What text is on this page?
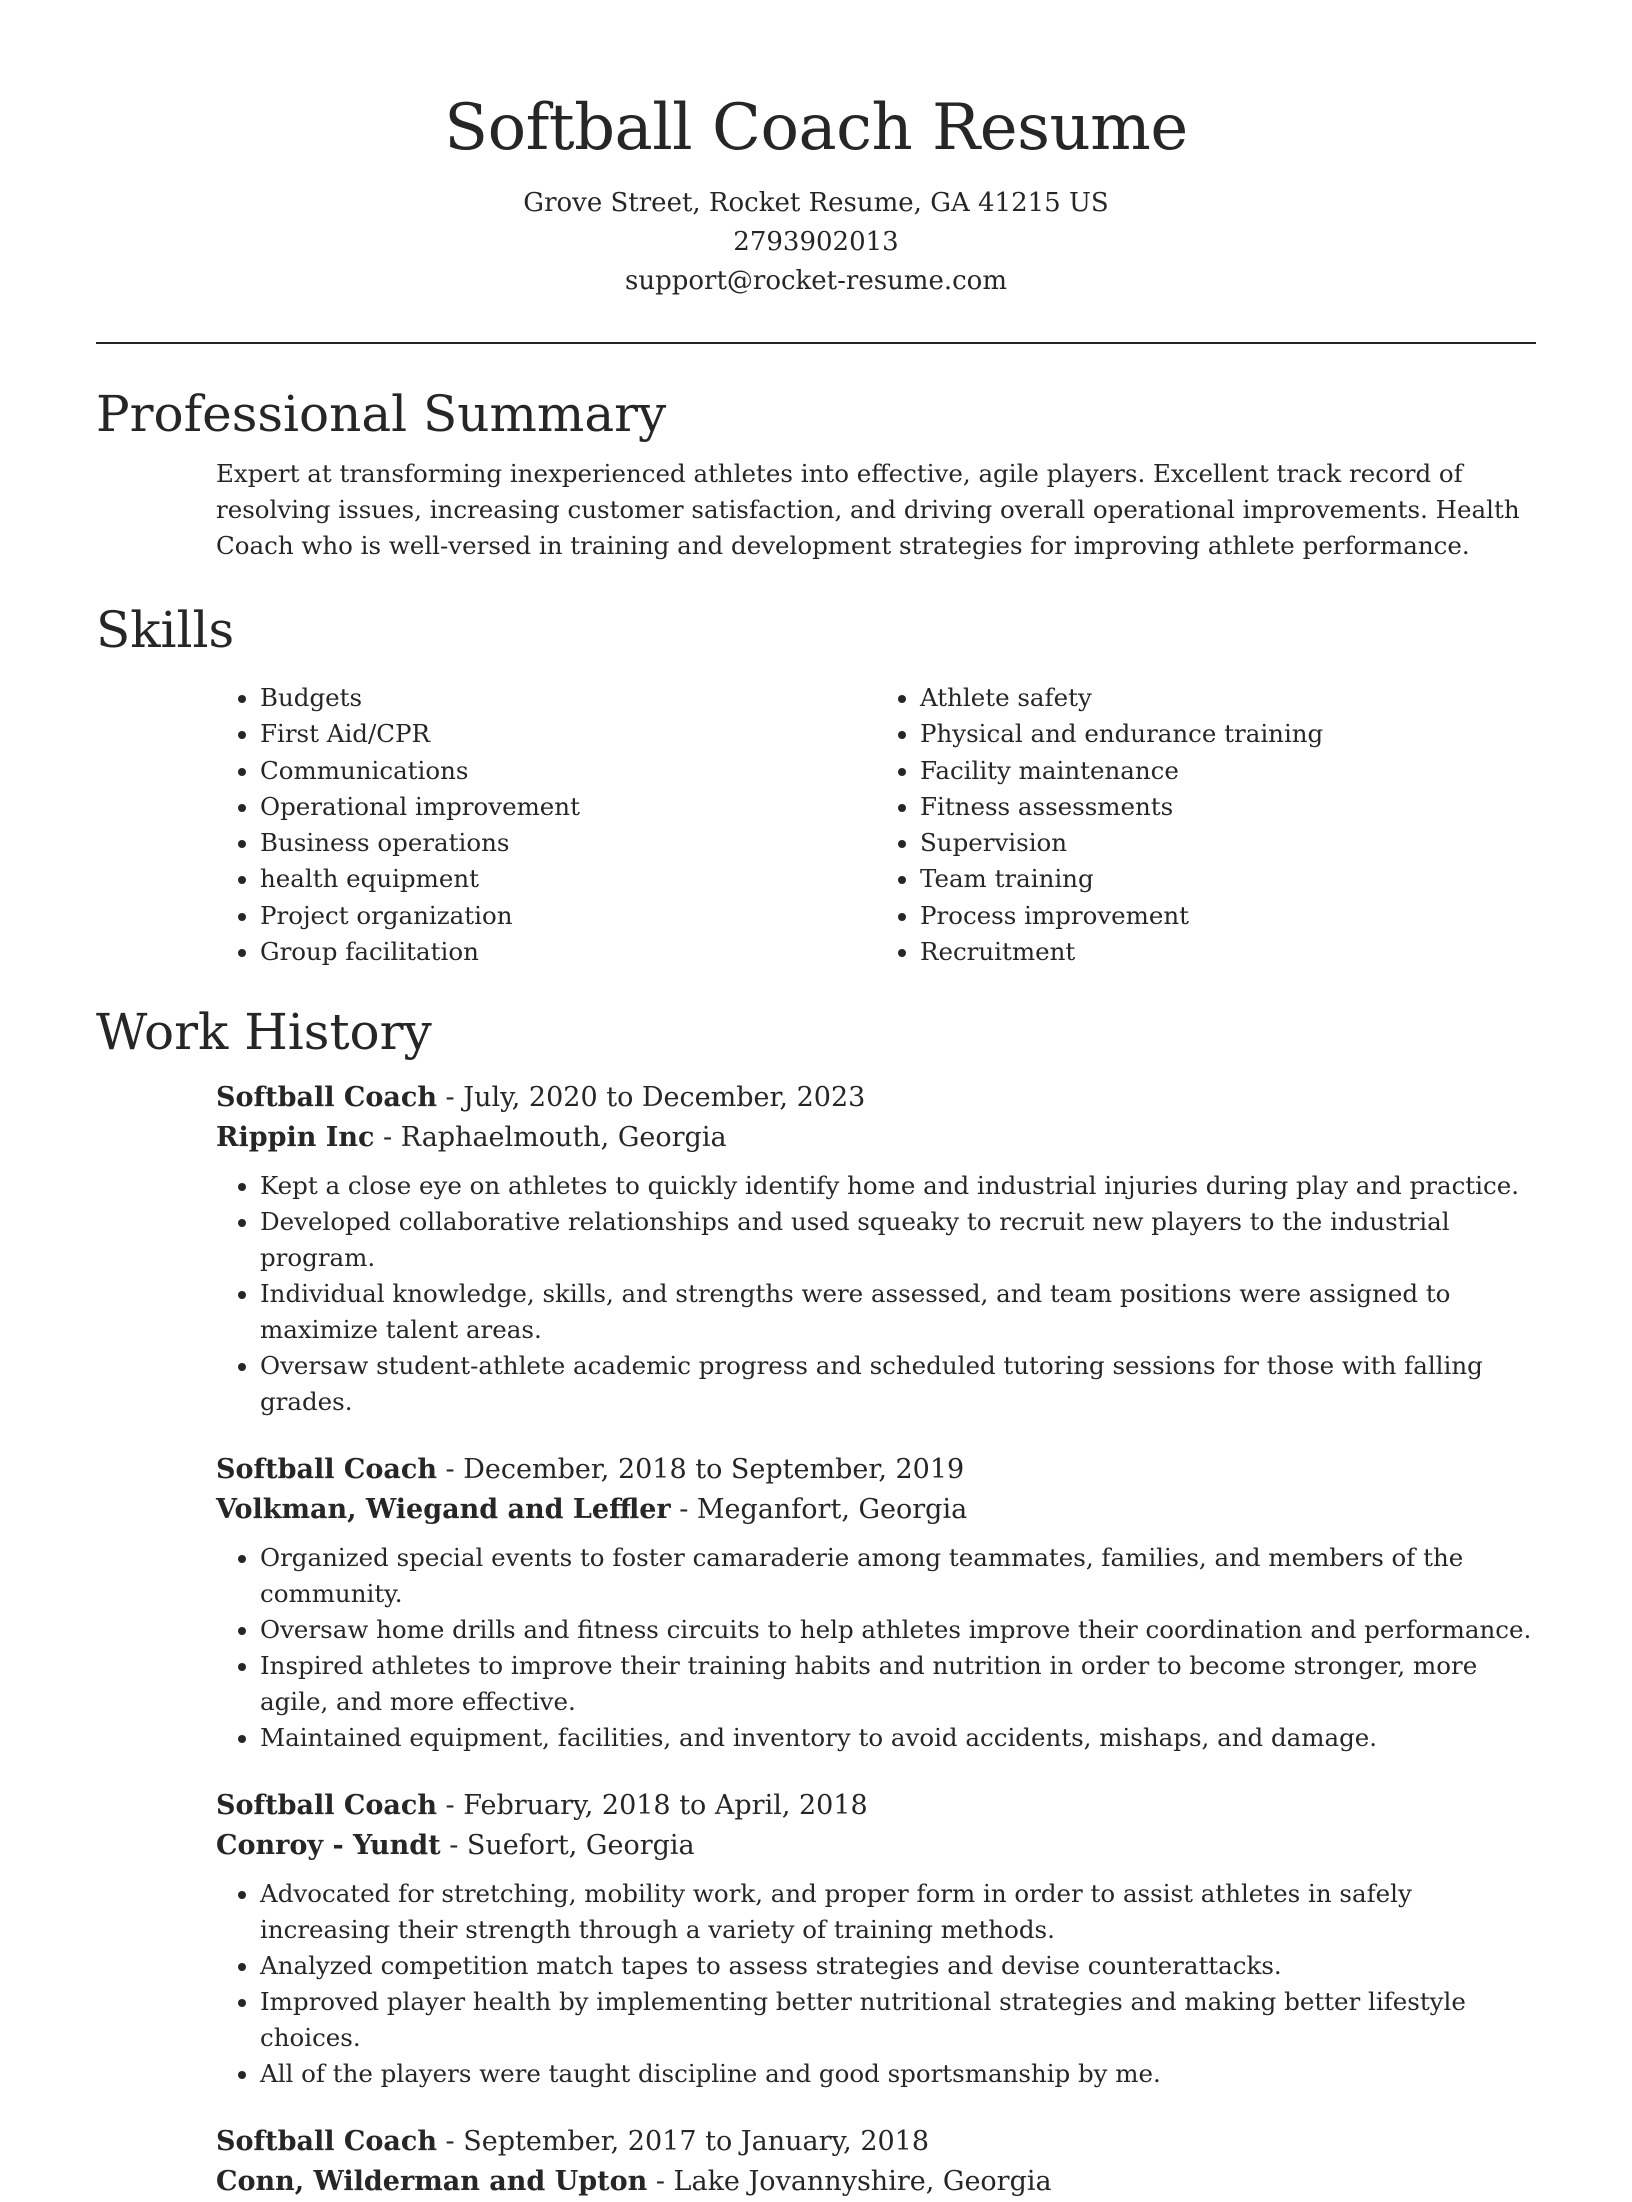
Softball Coach Resume

Grove Street, Rocket Resume, GA 41215 US

2793902013

support@rocket-resume.com

Professional Summary

Expert at transforming inexperienced athletes into effective, agile players. Excellent track record of resolving issues, increasing customer satisfaction, and driving overall operational improvements. Health Coach who is well-versed in training and development strategies for improving athlete performance.

Skills
• Budgets
• First Aid/CPR
• Communications
• Operational improvement
• Business operations
• health equipment
• Project organization
• Group facilitation
• Athlete safety
• Physical and endurance training
• Facility maintenance
• Fitness assessments
• Supervision
• Team training
• Process improvement
• Recruitment
Work History

Softball Coach - July, 2020 to December, 2023

Rippin Inc - Raphaelmouth, Georgia

• Kept a close eye on athletes to quickly identify home and industrial injuries during play and practice.
• Developed collaborative relationships and used squeaky to recruit new players to the industrial program.
• Individual knowledge, skills, and strengths were assessed, and team positions were assigned to maximize talent areas.
• Oversaw student-athlete academic progress and scheduled tutoring sessions for those with falling grades.

Softball Coach - December, 2018 to September, 2019

Volkman, Wiegand and Leffler - Meganfort, Georgia

• Organized special events to foster camaraderie among teammates, families, and members of the community.
• Oversaw home drills and fitness circuits to help athletes improve their coordination and performance.
• Inspired athletes to improve their training habits and nutrition in order to become stronger, more agile, and more effective.
• Maintained equipment, facilities, and inventory to avoid accidents, mishaps, and damage.

Softball Coach - February, 2018 to April, 2018

Conroy - Yundt - Suefort, Georgia

• Advocated for stretching, mobility work, and proper form in order to assist athletes in safely increasing their strength through a variety of training methods.
• Analyzed competition match tapes to assess strategies and devise counterattacks.
• Improved player health by implementing better nutritional strategies and making better lifestyle choices.
• All of the players were taught discipline and good sportsmanship by me.

Softball Coach - September, 2017 to January, 2018

Conn, Wilderman and Upton - Lake Jovannyshire, Georgia
